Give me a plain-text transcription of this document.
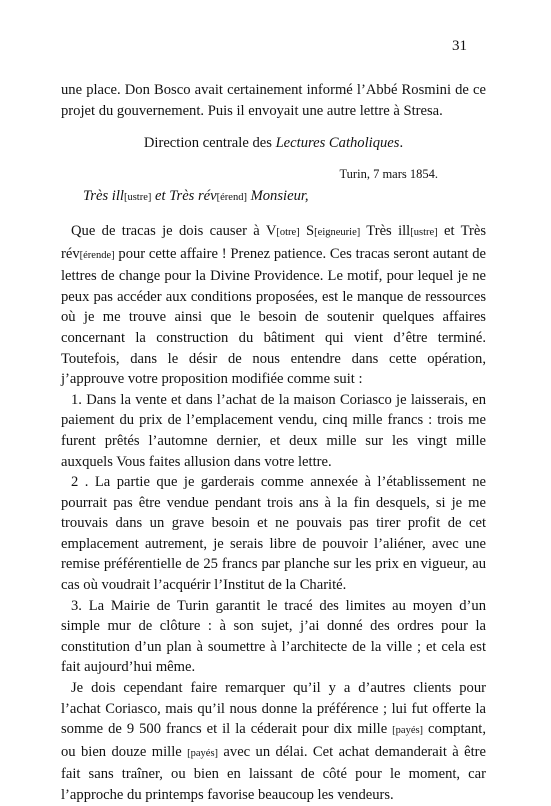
31

une place. Don Bosco avait certainement informé l’Abbé Rosmini de ce projet du gouvernement. Puis il envoyait une autre lettre à Stresa.

Direction centrale des Lectures Catholiques.

Turin, 7 mars 1854.

Très ill[ustre] et Très rév[érend] Monsieur,

Que de tracas je dois causer à V[otre] S[eigneurie] Très ill[ustre] et Très rév[érende] pour cette affaire ! Prenez patience. Ces tracas seront autant de lettres de change pour la Divine Providence. Le motif, pour lequel je ne peux pas accéder aux conditions proposées, est le manque de ressources où je me trouve ainsi que le besoin de soutenir quelques affaires concernant la construction du bâtiment qui vient d’être terminé. Toutefois, dans le désir de nous entendre dans cette opération, j’approuve votre proposition modifiée comme suit :

1. Dans la vente et dans l’achat de la maison Coriasco je laisserais, en paiement du prix de l’emplacement vendu, cinq mille francs : trois me furent prêtés l’automne dernier, et deux mille sur les vingt mille auxquels Vous faites allusion dans votre lettre.

2 . La partie que je garderais comme annexée à l’établissement ne pourrait pas être vendue pendant trois ans à la fin desquels, si je me trouvais dans un grave besoin et ne pouvais pas tirer profit de cet emplacement autrement, je serais libre de pouvoir l’aliéner, avec une remise préférentielle de 25 francs par planche sur les prix en vigueur, au cas où voudrait l’acquérir l’Institut de la Charité.

3. La Mairie de Turin garantit le tracé des limites au moyen d’un simple mur de clôture : à son sujet, j’ai donné des ordres pour la constitution d’un plan à soumettre à l’architecte de la ville ; et cela est fait aujourd’hui même.

Je dois cependant faire remarquer qu’il y a d’autres clients pour l’achat Coriasco, mais qu’il nous donne la préférence ; lui fut offerte la somme de 9 500 francs et il la céderait pour dix mille [payés] comptant, ou bien douze mille [payés] avec un délai. Cet achat demanderait à être fait sans traîner, ou bien en laissant de côté pour le moment, car l’approche du printemps favorise beaucoup les vendeurs.
